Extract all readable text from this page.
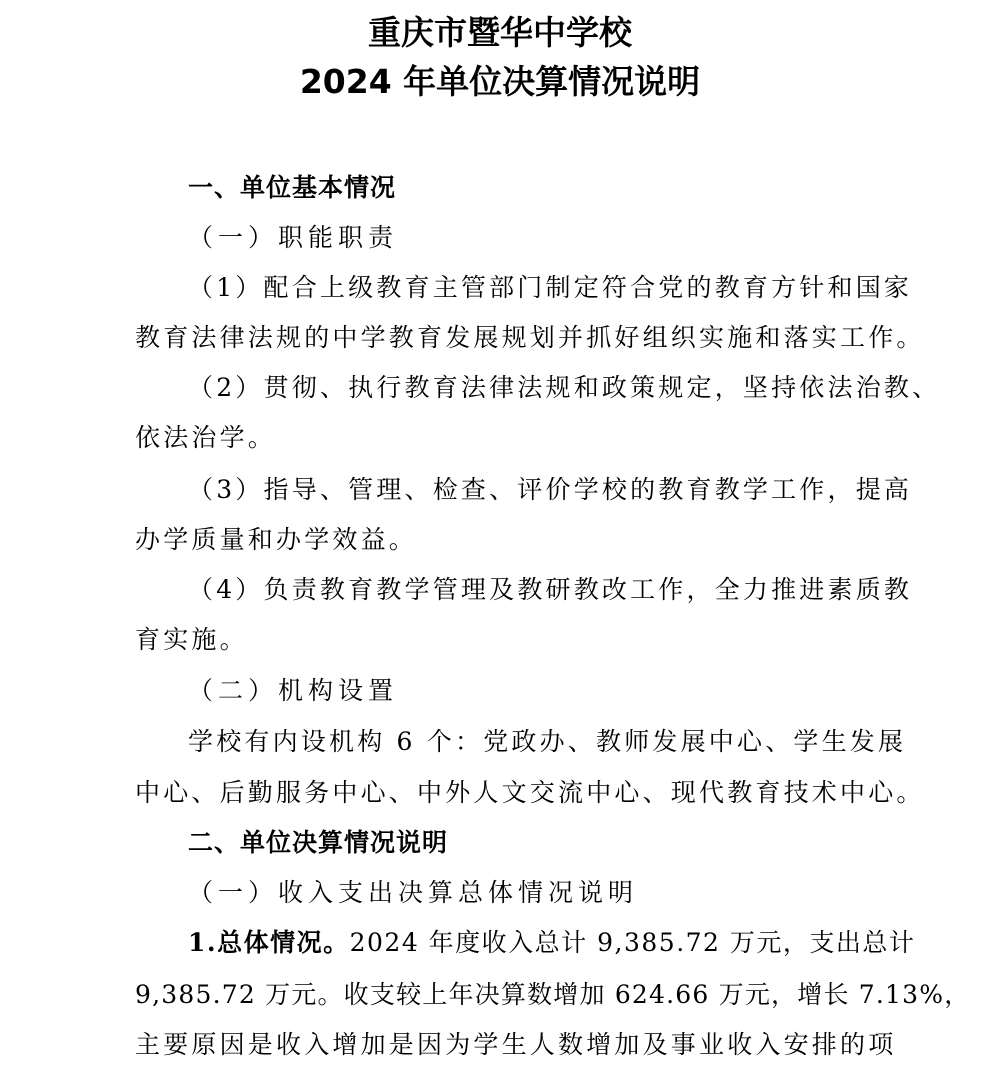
重庆市暨华中学校
2024 年单位决算情况说明
一、单位基本情况
（一）职能职责
（1）配合上级教育主管部门制定符合党的教育方针和国家
教育法律法规的中学教育发展规划并抓好组织实施和落实工作。
（2）贯彻、执行教育法律法规和政策规定，坚持依法治教、
依法治学。
（3）指导、管理、检查、评价学校的教育教学工作，提高
办学质量和办学效益。
（4）负责教育教学管理及教研教改工作，全力推进素质教
育实施。
（二）机构设置
学校有内设机构 6 个：党政办、教师发展中心、学生发展
中心、后勤服务中心、中外人文交流中心、现代教育技术中心。
二、单位决算情况说明
（一）收入支出决算总体情况说明
1.总体情况。2024 年度收入总计 9,385.72 万元，支出总计
9,385.72 万元。收支较上年决算数增加 624.66 万元，增长 7.13%，
主要原因是收入增加是因为学生人数增加及事业收入安排的项
